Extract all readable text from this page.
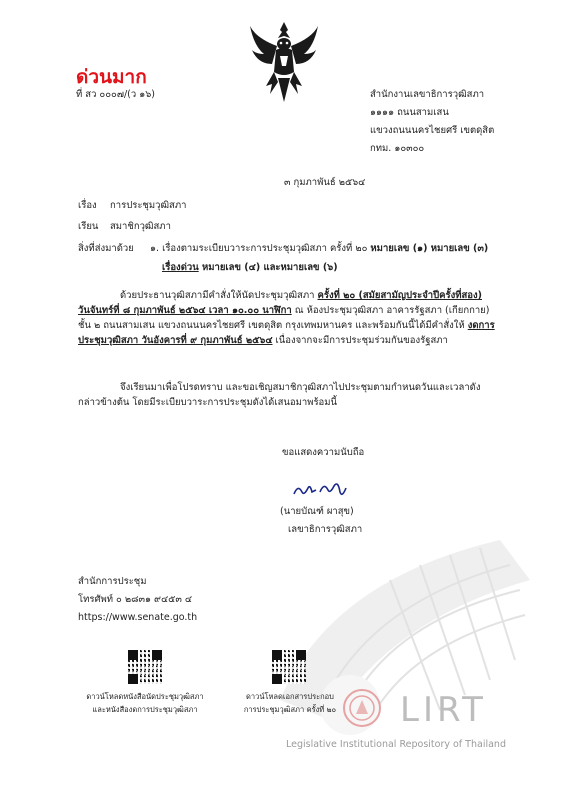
ด่วนมาก
ที่ สว ๐๐๐๗/(ว ๑๖)	สำนักงานเลขาธิการวุฒิสภา
๑๑๑๑ ถนนสามเสน
แขวงถนนนครไชยศรี เขตดุสิต
กทม. ๑๐๓๐๐
๓ กุมภาพันธ์ ๒๕๖๔
เรื่อง การประชุมวุฒิสภา
เรียน สมาชิกวุฒิสภา
สิ่งที่ส่งมาด้วย ๑. เรื่องตามระเบียบวาระการประชุมวุฒิสภา ครั้งที่ ๒๐ หมายเลข (๑) หมายเลข (๓)
เรื่องด่วน หมายเลข (๔) และหมายเลข (๖)
ด้วยประธานวุฒิสภามีคำสั่งให้นัดประชุมวุฒิสภา ครั้งที่ ๒๐ (สมัยสามัญประจำปีครั้งที่สอง) วันจันทร์ที่ ๘ กุมภาพันธ์ ๒๕๖๔ เวลา ๑๐.๐๐ นาฬิกา ณ ห้องประชุมวุฒิสภา อาคารรัฐสภา (เกียกกาย) ชั้น ๒ ถนนสามเสน แขวงถนนนครไชยศรี เขตดุสิต กรุงเทพมหานคร และพร้อมกันนี้ได้มีคำสั่งให้ งดการประชุมวุฒิสภา วันอังคารที่ ๙ กุมภาพันธ์ ๒๕๖๔ เนื่องจากจะมีการประชุมร่วมกันของรัฐสภา
จึงเรียนมาเพื่อโปรดทราบ และขอเชิญสมาชิกวุฒิสภาไปประชุมตามกำหนดวันและเวลาดังกล่าวข้างต้น โดยมีระเบียบวาระการประชุมดังได้เสนอมาพร้อมนี้
ขอแสดงความนับถือ
(นายบัณฑ์ ผาสุข)
เลขาธิการวุฒิสภา
สำนักการประชุม
โทรศัพท์ ๐ ๒๘๓๑ ๙๔๕๓ ๔
https://www.senate.go.th
ดาวน์โหลดหนังสือนัดประชุมวุฒิสภา
และหนังสืองดการประชุมวุฒิสภา
ดาวน์โหลดเอกสารประกอบ
การประชุมวุฒิสภา ครั้งที่ ๒๐ LIRT
Legislative Institutional Repository of Thailand
